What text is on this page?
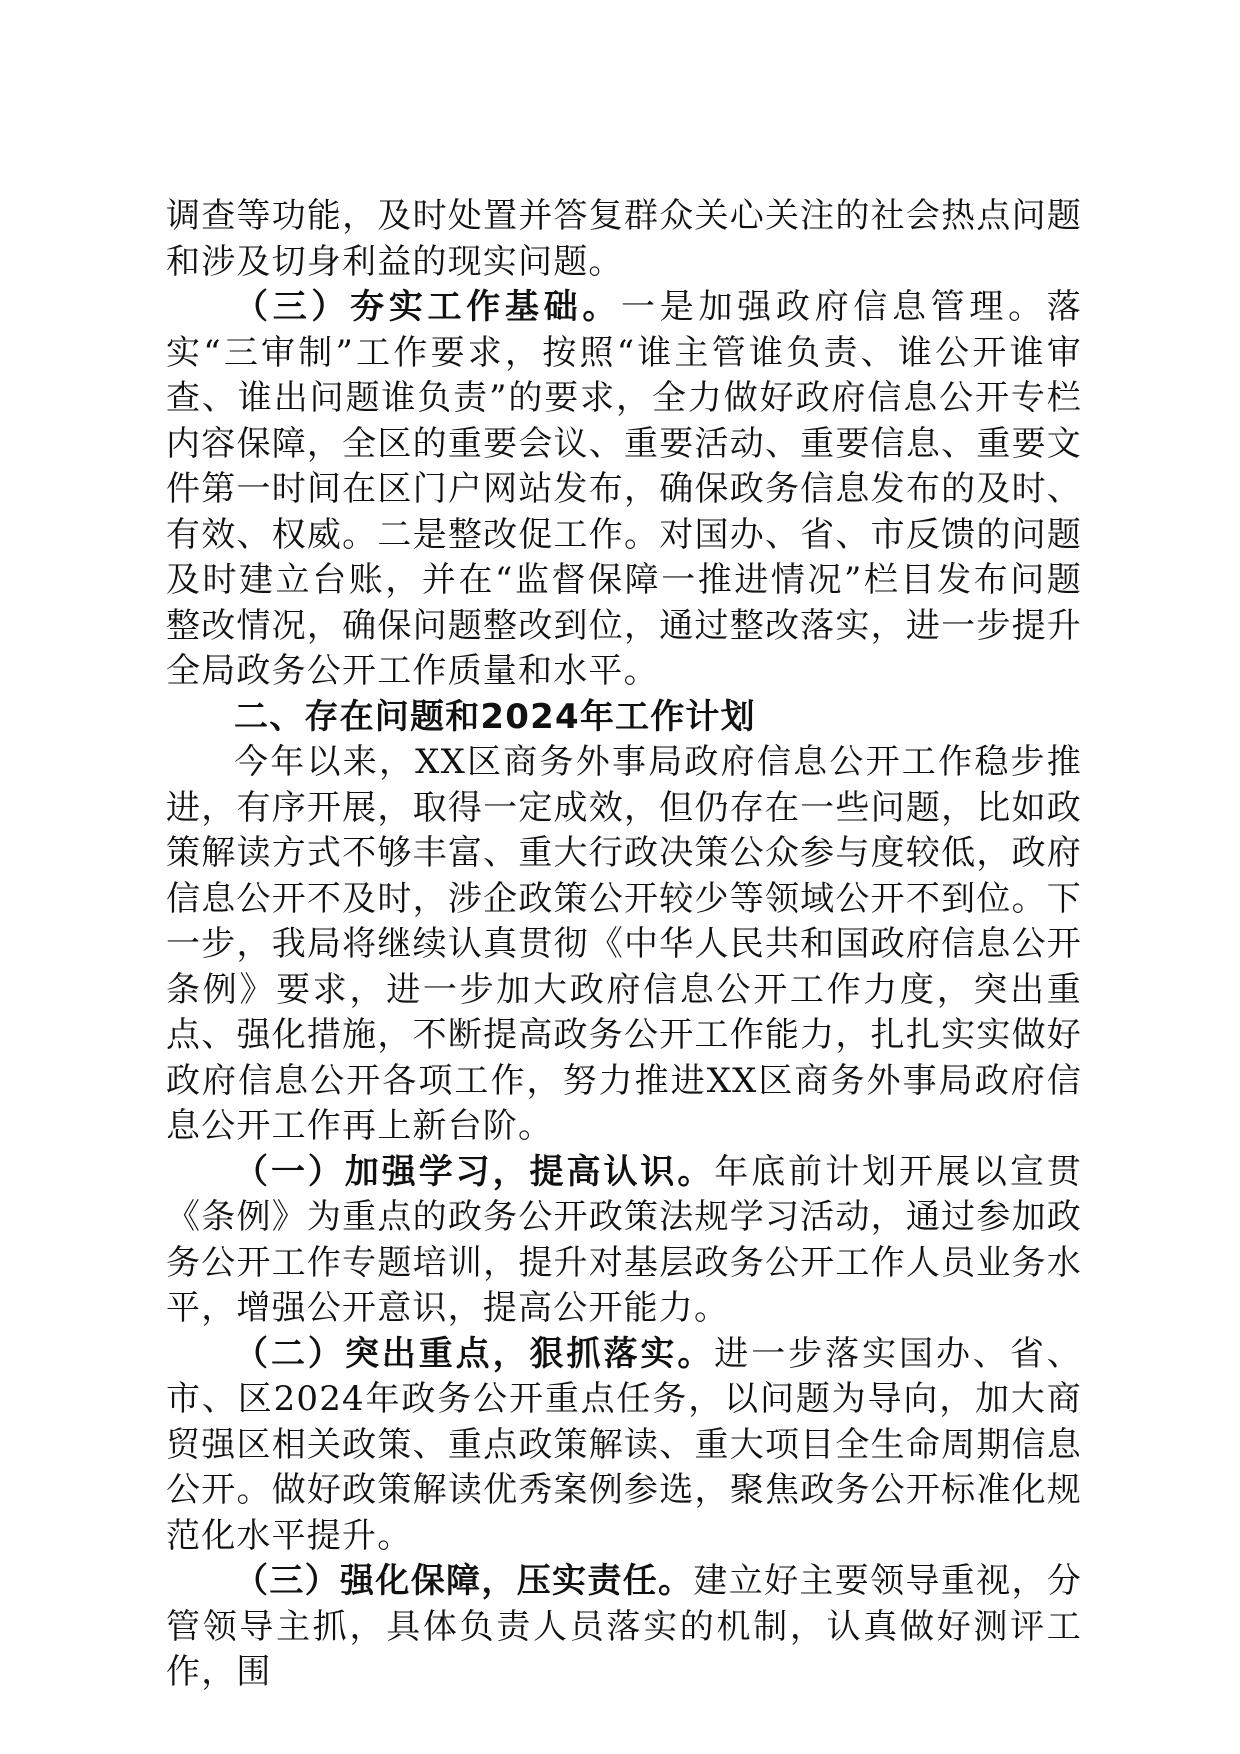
调查等功能，及时处置并答复群众关心关注的社会热点问题和涉及切身利益的现实问题。

（三）夯实工作基础。一是加强政府信息管理。落实“三审制”工作要求，按照“谁主管谁负责、谁公开谁审查、谁出问题谁负责”的要求，全力做好政府信息公开专栏内容保障，全区的重要会议、重要活动、重要信息、重要文件第一时间在区门户网站发布，确保政务信息发布的及时、有效、权威。二是整改促工作。对国办、省、市反馈的问题及时建立台账，并在“监督保障一推进情况”栏目发布问题整改情况，确保问题整改到位，通过整改落实，进一步提升全局政务公开工作质量和水平。

二、存在问题和2024年工作计划

今年以来，XX区商务外事局政府信息公开工作稳步推进，有序开展，取得一定成效，但仍存在一些问题，比如政策解读方式不够丰富、重大行政决策公众参与度较低，政府信息公开不及时，涉企政策公开较少等领域公开不到位。下一步，我局将继续认真贯彻《中华人民共和国政府信息公开条例》要求，进一步加大政府信息公开工作力度，突出重点、强化措施，不断提高政务公开工作能力，扎扎实实做好政府信息公开各项工作，努力推进XX区商务外事局政府信息公开工作再上新台阶。

（一）加强学习，提高认识。年底前计划开展以宣贯《条例》为重点的政务公开政策法规学习活动，通过参加政务公开工作专题培训，提升对基层政务公开工作人员业务水平，增强公开意识，提高公开能力。

（二）突出重点，狠抓落实。进一步落实国办、省、市、区2024年政务公开重点任务，以问题为导向，加大商贸强区相关政策、重点政策解读、重大项目全生命周期信息公开。做好政策解读优秀案例参选，聚焦政务公开标准化规范化水平提升。

（三）强化保障，压实责任。建立好主要领导重视，分管领导主抓，具体负责人员落实的机制，认真做好测评工作，围
